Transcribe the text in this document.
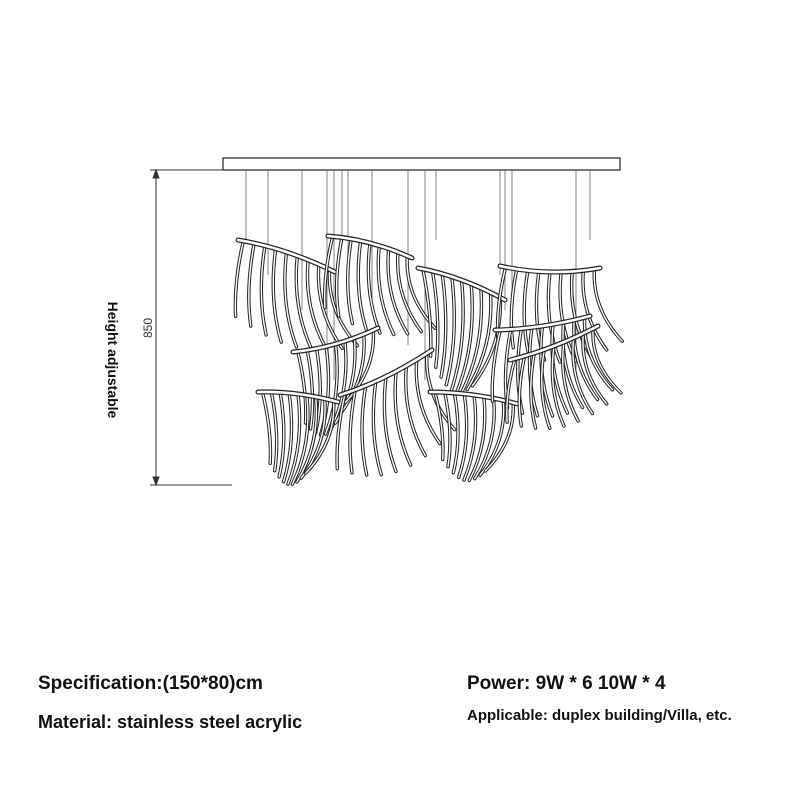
Height adjustable 850
Specification:(150*80)cm	Power: 9W * 6 10W * 4
Material: stainless steel acrylic	Applicable: duplex building/Villa, etc.
